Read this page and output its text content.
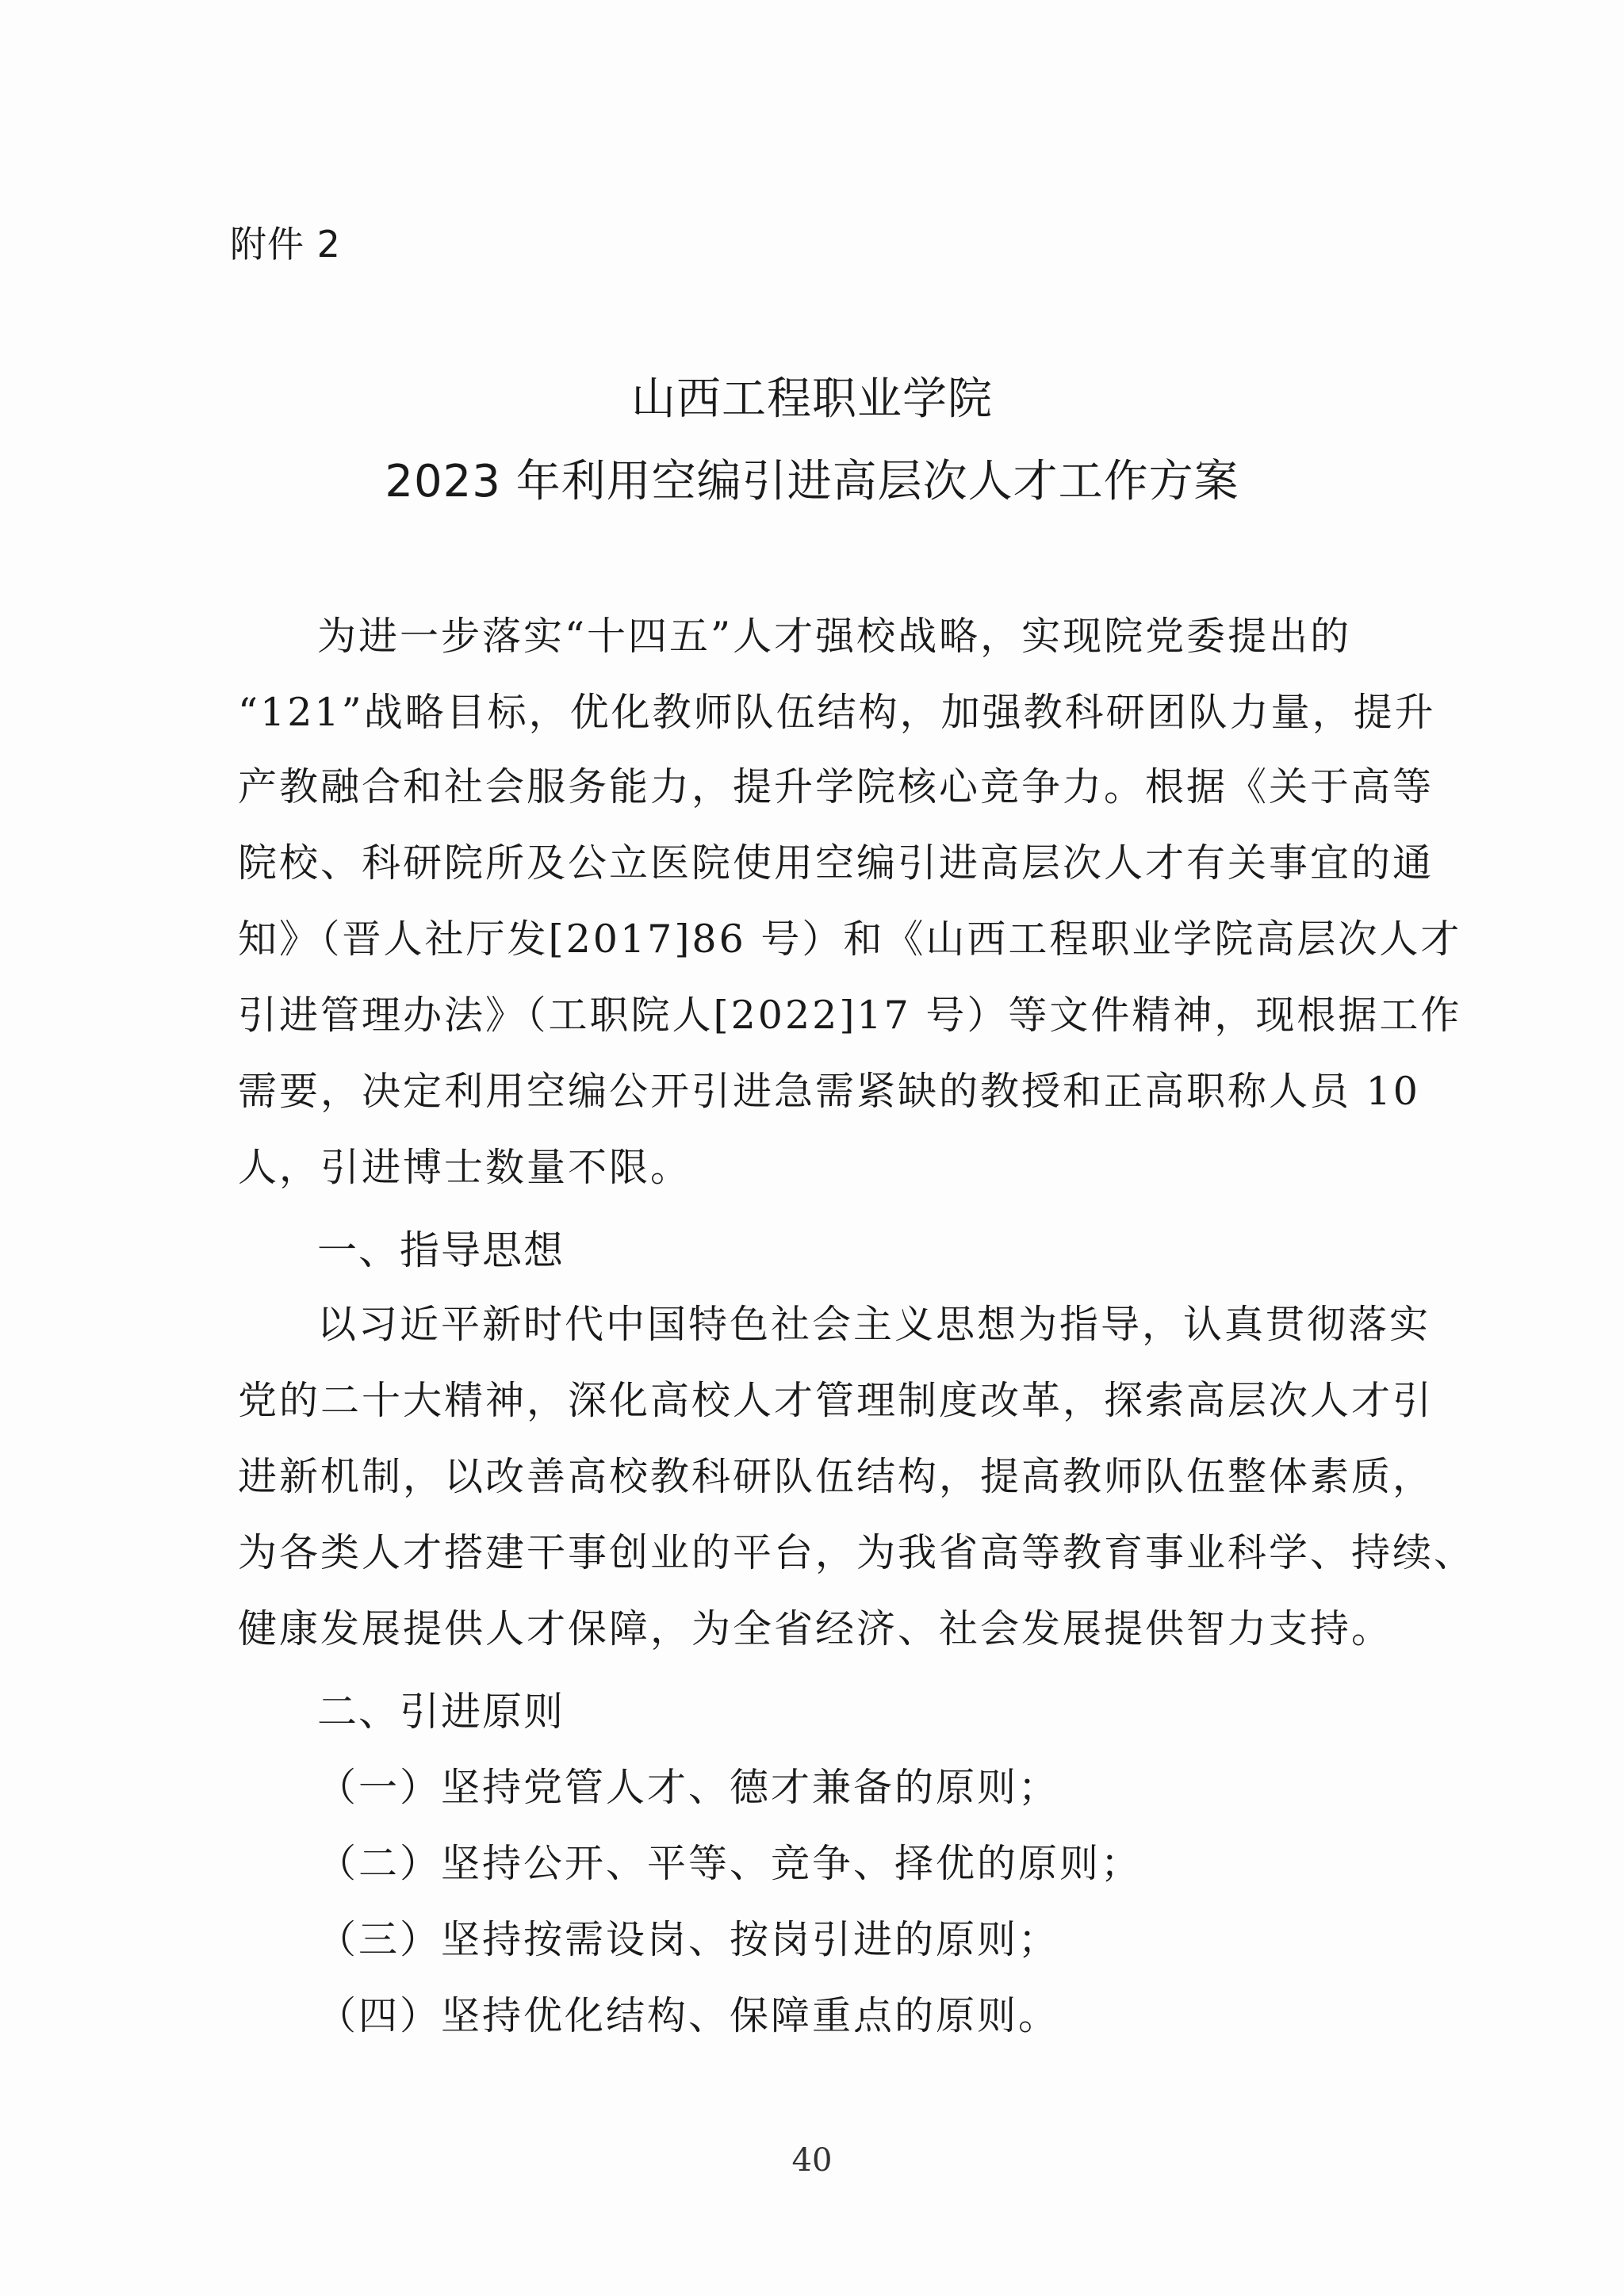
附件 2
山西工程职业学院
2023 年利用空编引进高层次人才工作方案
为进一步落实“十四五”人才强校战略，实现院党委提出的
“121”战略目标，优化教师队伍结构，加强教科研团队力量，提升
产教融合和社会服务能力，提升学院核心竞争力。根据《关于高等
院校、科研院所及公立医院使用空编引进高层次人才有关事宜的通
知》（晋人社厅发[2017]86 号）和《山西工程职业学院高层次人才
引进管理办法》（工职院人[2022]17 号）等文件精神，现根据工作
需要，决定利用空编公开引进急需紧缺的教授和正高职称人员 10
人，引进博士数量不限。
一、指导思想
以习近平新时代中国特色社会主义思想为指导，认真贯彻落实
党的二十大精神，深化高校人才管理制度改革，探索高层次人才引
进新机制，以改善高校教科研队伍结构，提高教师队伍整体素质，
为各类人才搭建干事创业的平台，为我省高等教育事业科学、持续、
健康发展提供人才保障，为全省经济、社会发展提供智力支持。
二、引进原则
（一）坚持党管人才、德才兼备的原则；
（二）坚持公开、平等、竞争、择优的原则；
（三）坚持按需设岗、按岗引进的原则；
（四）坚持优化结构、保障重点的原则。
40
